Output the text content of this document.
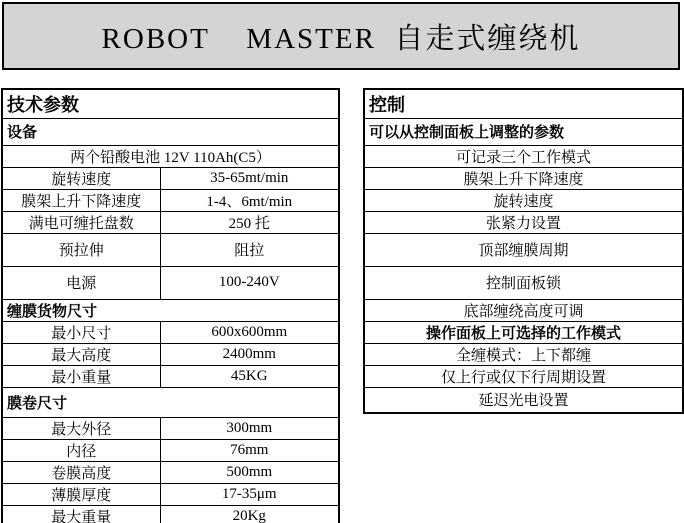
ROBOT    MASTER  自走式缠绕机
技术参数	
设备	
两个铅酸电池 12V 110Ah(C5）	
旋转速度	35-65mt/min
膜架上升下降速度	1-4、6mt/min
满电可缠托盘数	250 托
预拉伸	阻拉
电源	100-240V
缠膜货物尺寸	
最小尺寸	600x600mm
最大高度	2400mm
最小重量	45KG
膜卷尺寸	
最大外径	300mm
内径	76mm
卷膜高度	500mm
薄膜厚度	17-35μm
最大重量	20Kg
控制
可以从控制面板上调整的参数
可记录三个工作模式
膜架上升下降速度
旋转速度
张紧力设置
顶部缠膜周期
控制面板锁
底部缠绕高度可调
操作面板上可选择的工作模式
全缠模式：上下都缠
仅上行或仅下行周期设置
延迟光电设置
